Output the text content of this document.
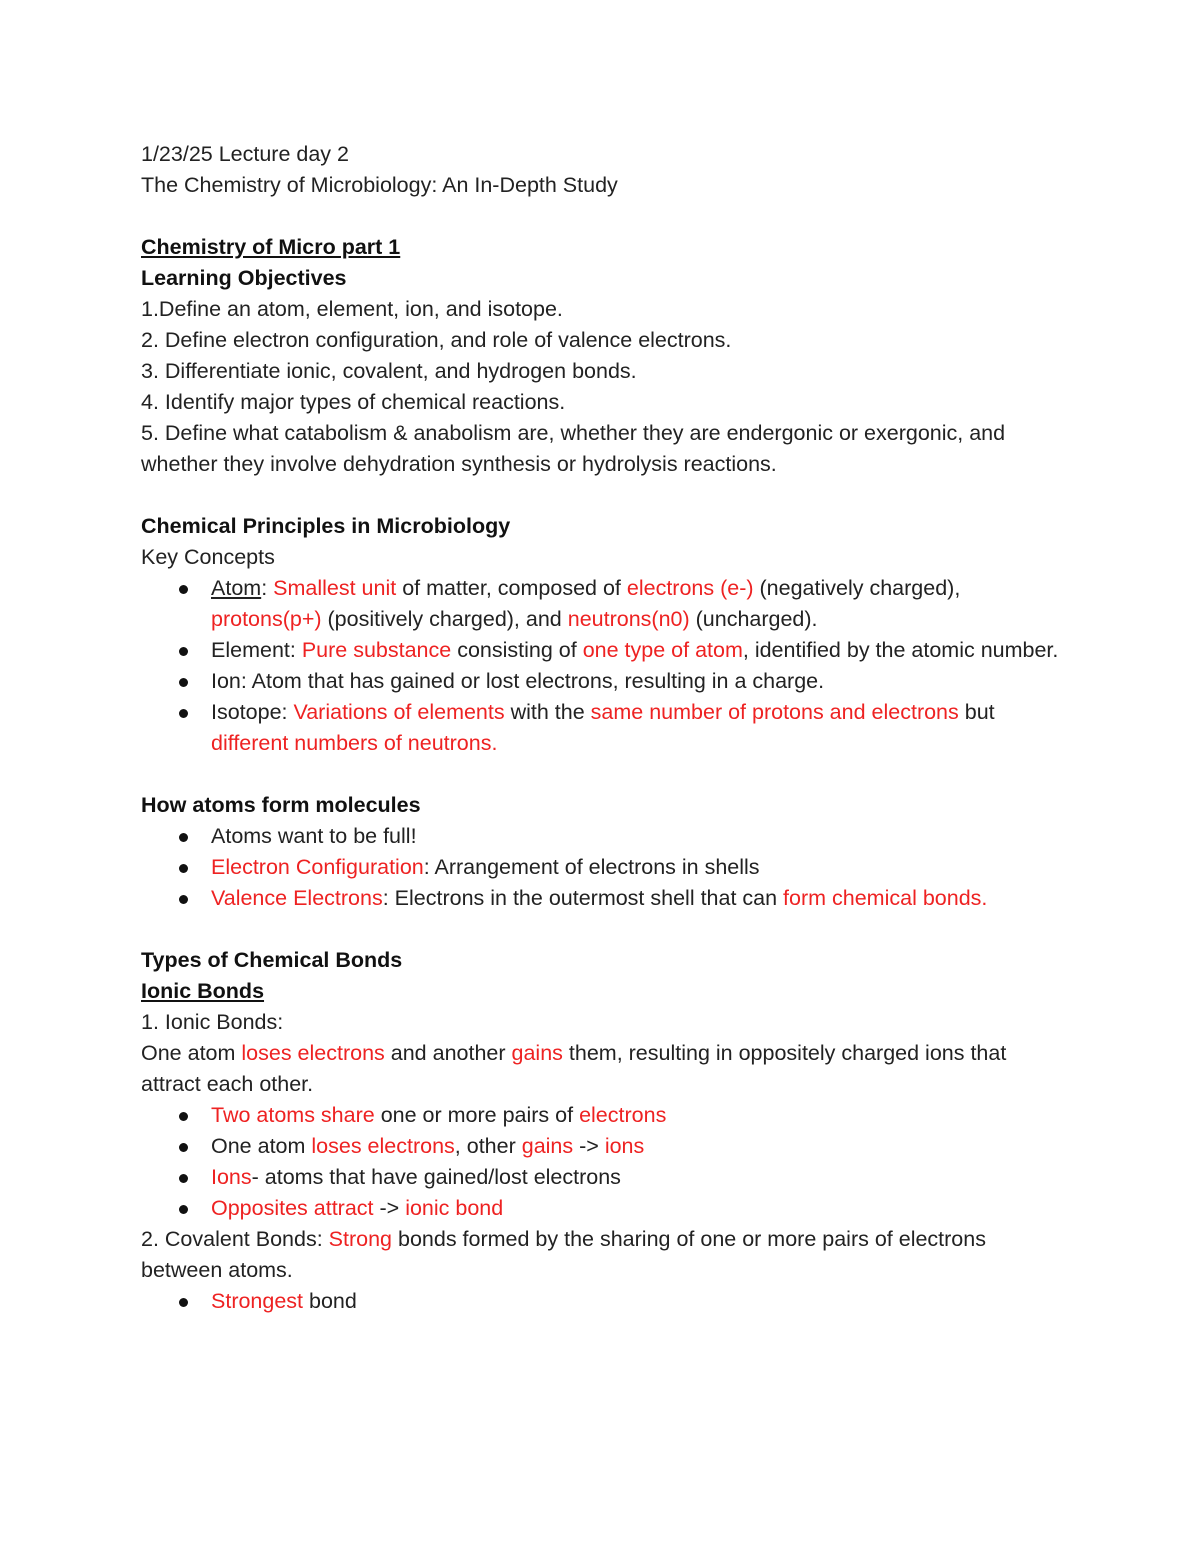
1/23/25 Lecture day 2
The Chemistry of Microbiology: An In-Depth Study
Chemistry of Micro part 1
Learning Objectives
1.Define an atom, element, ion, and isotope.
2. Define electron configuration, and role of valence electrons.
3. Differentiate ionic, covalent, and hydrogen bonds.
4. Identify major types of chemical reactions.
5. Define what catabolism & anabolism are, whether they are endergonic or exergonic, and whether they involve dehydration synthesis or hydrolysis reactions.
Chemical Principles in Microbiology
Key Concepts
Atom: Smallest unit of matter, composed of electrons (e-) (negatively charged), protons(p+) (positively charged), and neutrons(n0) (uncharged).
Element: Pure substance consisting of one type of atom, identified by the atomic number.
Ion: Atom that has gained or lost electrons, resulting in a charge.
Isotope: Variations of elements with the same number of protons and electrons but different numbers of neutrons.
How atoms form molecules
Atoms want to be full!
Electron Configuration: Arrangement of electrons in shells
Valence Electrons: Electrons in the outermost shell that can form chemical bonds.
Types of Chemical Bonds
Ionic Bonds
1. Ionic Bonds:
One atom loses electrons and another gains them, resulting in oppositely charged ions that attract each other.
Two atoms share one or more pairs of electrons
One atom loses electrons, other gains -> ions
Ions- atoms that have gained/lost electrons
Opposites attract -> ionic bond
2. Covalent Bonds: Strong bonds formed by the sharing of one or more pairs of electrons between atoms.
Strongest bond
